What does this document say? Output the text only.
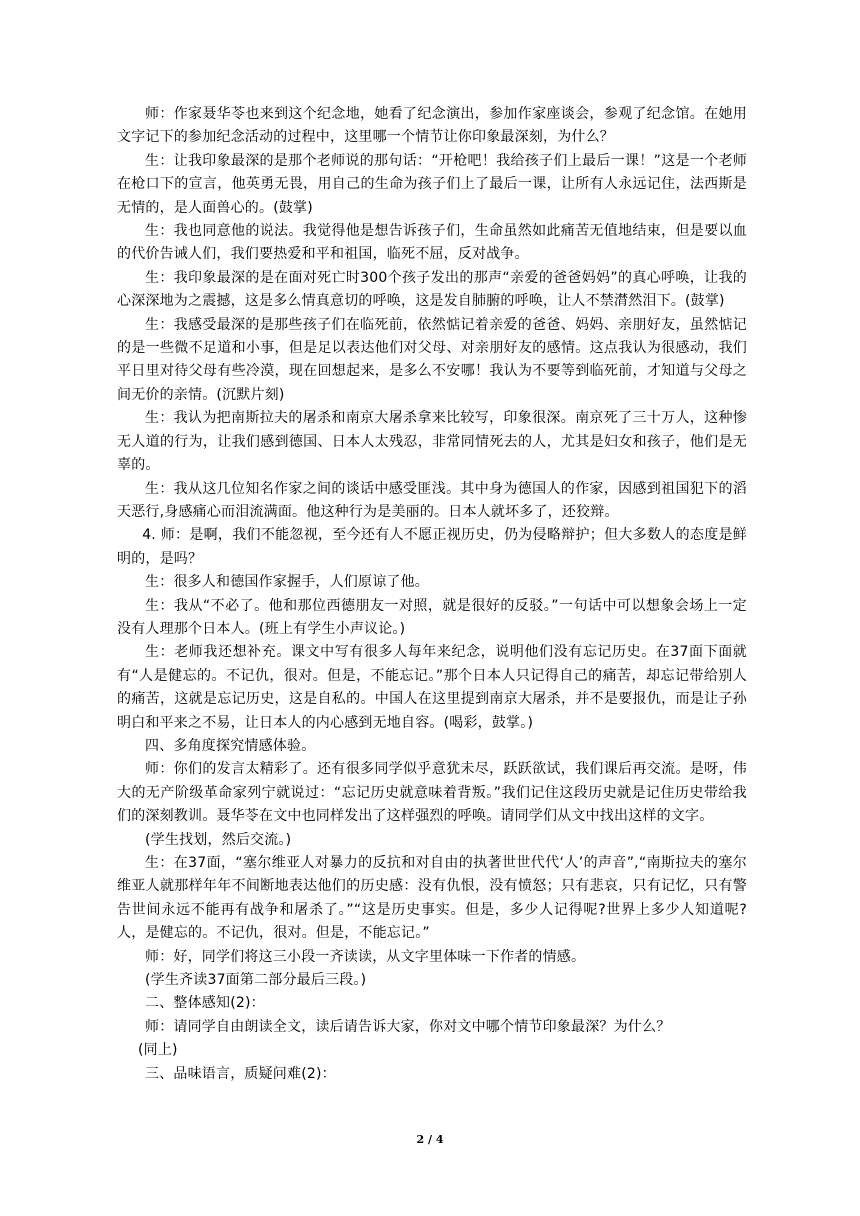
师：作家聂华苓也来到这个纪念地，她看了纪念演出，参加作家座谈会，参观了纪念馆。在她用文字记下的参加纪念活动的过程中，这里哪一个情节让你印象最深刻，为什么？

生：让我印象最深的是那个老师说的那句话：“开枪吧！我给孩子们上最后一课！”这是一个老师在枪口下的宣言，他英勇无畏，用自己的生命为孩子们上了最后一课，让所有人永远记住，法西斯是无情的，是人面兽心的。(鼓掌)

生：我也同意他的说法。我觉得他是想告诉孩子们，生命虽然如此痛苦无值地结束，但是要以血的代价告诫人们，我们要热爱和平和祖国，临死不屈，反对战争。

生：我印象最深的是在面对死亡时300个孩子发出的那声“亲爱的爸爸妈妈”的真心呼唤，让我的心深深地为之震撼，这是多么情真意切的呼唤，这是发自肺腑的呼唤，让人不禁潸然泪下。(鼓掌)

生：我感受最深的是那些孩子们在临死前，依然惦记着亲爱的爸爸、妈妈、亲朋好友，虽然惦记的是一些微不足道和小事，但是足以表达他们对父母、对亲朋好友的感情。这点我认为很感动，我们平日里对待父母有些冷漠，现在回想起来，是多么不安哪！我认为不要等到临死前，才知道与父母之间无价的亲情。(沉默片刻)

生：我认为把南斯拉夫的屠杀和南京大屠杀拿来比较写，印象很深。南京死了三十万人，这种惨无人道的行为，让我们感到德国、日本人太残忍，非常同情死去的人，尤其是妇女和孩子，他们是无辜的。

生：我从这几位知名作家之间的谈话中感受匪浅。其中身为德国人的作家，因感到祖国犯下的滔天恶行,身感痛心而泪流满面。他这种行为是美丽的。日本人就坏多了，还狡辩。

4. 师：是啊，我们不能忽视，至今还有人不愿正视历史，仍为侵略辩护；但大多数人的态度是鲜明的，是吗？

生：很多人和德国作家握手，人们原谅了他。

生：我从“不必了。他和那位西德朋友一对照，就是很好的反驳。”一句话中可以想象会场上一定没有人理那个日本人。(班上有学生小声议论。)

生：老师我还想补充。课文中写有很多人每年来纪念，说明他们没有忘记历史。在37面下面就有“人是健忘的。不记仇，很对。但是，不能忘记。”那个日本人只记得自己的痛苦，却忘记带给别人的痛苦，这就是忘记历史，这是自私的。中国人在这里提到南京大屠杀，并不是要报仇，而是让子孙明白和平来之不易，让日本人的内心感到无地自容。(喝彩，鼓掌。)

四、多角度探究情感体验。

师：你们的发言太精彩了。还有很多同学似乎意犹未尽，跃跃欲试，我们课后再交流。是呀，伟大的无产阶级革命家列宁就说过：“忘记历史就意味着背叛。”我们记住这段历史就是记住历史带给我们的深刻教训。聂华苓在文中也同样发出了这样强烈的呼唤。请同学们从文中找出这样的文字。

(学生找划，然后交流。)

生：在37面，“塞尔维亚人对暴力的反抗和对自由的执著世世代代‘人’的声音”,“南斯拉夫的塞尔维亚人就那样年年不间断地表达他们的历史感：没有仇恨，没有愤怒；只有悲哀，只有记忆，只有警告世间永远不能再有战争和屠杀了。”“这是历史事实。但是，多少人记得呢?世界上多少人知道呢?人，是健忘的。不记仇，很对。但是，不能忘记。”

师：好，同学们将这三小段一齐读读，从文字里体味一下作者的情感。

(学生齐读37面第二部分最后三段。)

二、整体感知(2)：

师：请同学自由朗读全文，读后请告诉大家，你对文中哪个情节印象最深？为什么？

(同上)

三、品味语言，质疑问难(2)：

2 / 4
